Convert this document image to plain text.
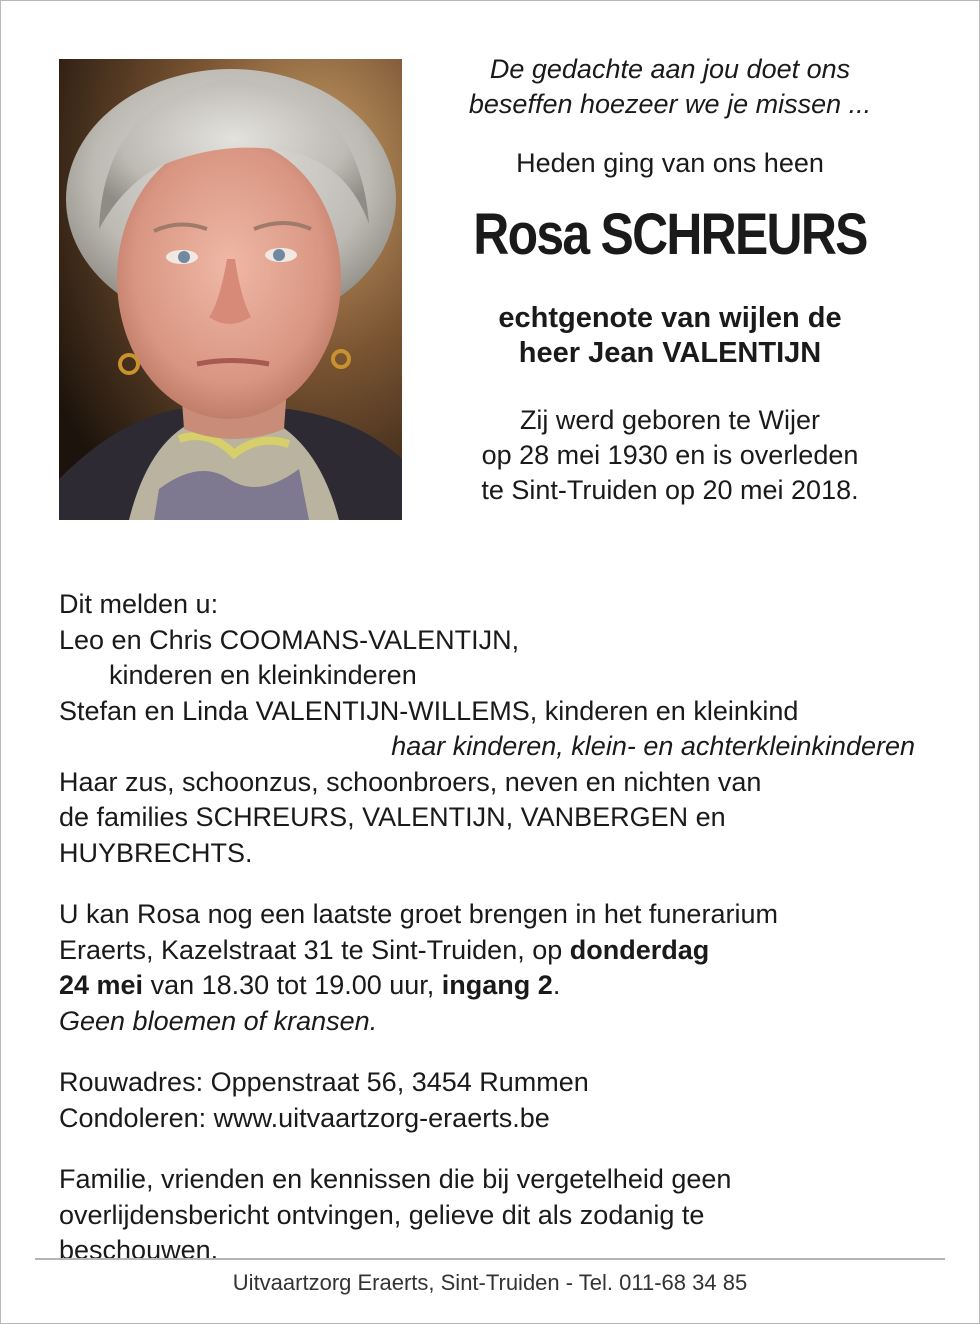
De gedachte aan jou doet ons

beseffen hoezeer we je missen ...

Heden ging van ons heen

Rosa SCHREURS

echtgenote van wijlen de

heer Jean VALENTIJN

Zij werd geboren te Wijer

op 28 mei 1930 en is overleden

te Sint-Truiden op 20 mei 2018.

Dit melden u:

Leo en Chris COOMANS-VALENTIJN,

kinderen en kleinkinderen

Stefan en Linda VALENTIJN-WILLEMS, kinderen en kleinkind

haar kinderen, klein- en achterkleinkinderen

Haar zus, schoonzus, schoonbroers, neven en nichten van

de families SCHREURS, VALENTIJN, VANBERGEN en

HUYBRECHTS.

U kan Rosa nog een laatste groet brengen in het funerarium

Eraerts, Kazelstraat 31 te Sint-Truiden, op donderdag

24 mei van 18.30 tot 19.00 uur, ingang 2.

Geen bloemen of kransen.

Rouwadres: Oppenstraat 56, 3454 Rummen

Condoleren: www.uitvaartzorg-eraerts.be

Familie, vrienden en kennissen die bij vergetelheid geen

overlijdensbericht ontvingen, gelieve dit als zodanig te

beschouwen.

Uitvaartzorg Eraerts, Sint-Truiden - Tel. 011-68 34 85
